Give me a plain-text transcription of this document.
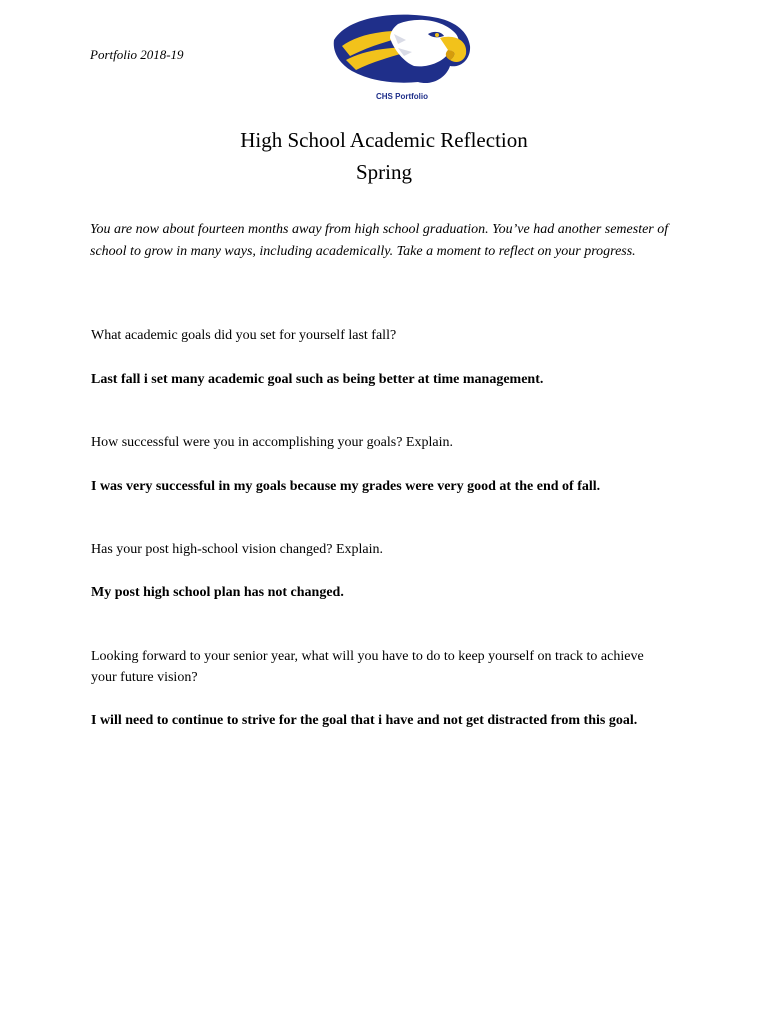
Portfolio 2018-19
CHS Portfolio
High School Academic Reflection
Spring
You are now about fourteen months away from high school graduation. You’ve had another semester of school to grow in many ways, including academically. Take a moment to reflect on your progress.
What academic goals did you set for yourself last fall?
Last fall i set many academic goal such as being better at time management.
How successful were you in accomplishing your goals? Explain.
I was very successful in my goals because my grades were very good at the end of fall.
Has your post high-school vision changed? Explain.
My post high school plan has not changed.
Looking forward to your senior year, what will you have to do to keep yourself on track to achieve your future vision?
I will need to continue to strive for the goal that i have and not get distracted from this goal.
